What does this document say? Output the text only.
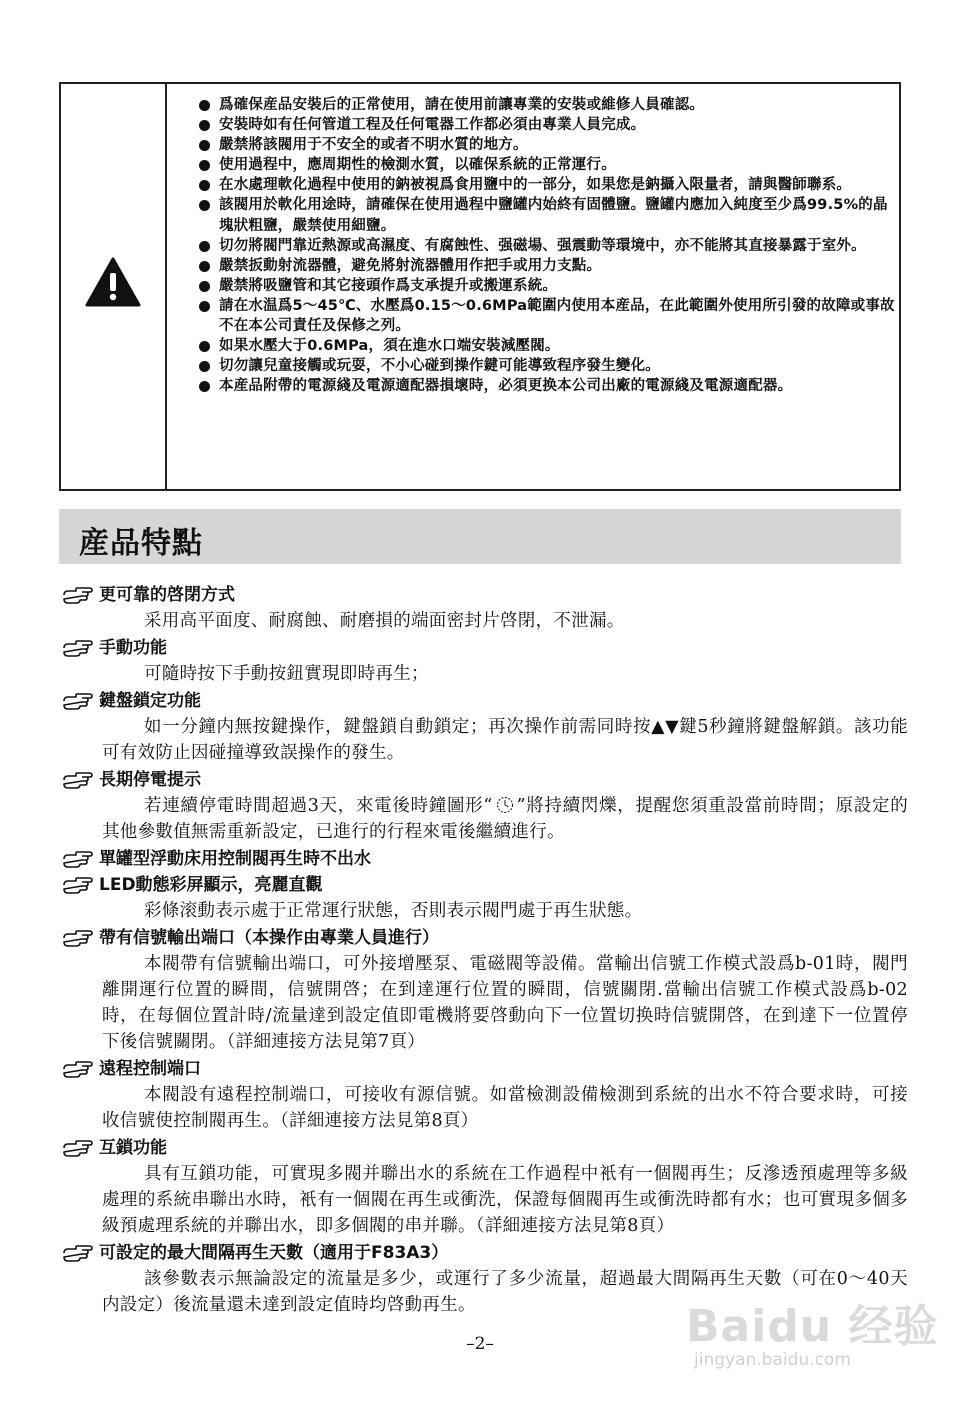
爲確保産品安裝后的正常使用，請在使用前讓專業的安裝或維修人員確認。
安裝時如有任何管道工程及任何電器工作都必須由專業人員完成。
嚴禁將該閥用于不安全的或者不明水質的地方。
使用過程中，應周期性的檢測水質，以確保系統的正常運行。
在水處理軟化過程中使用的鈉被視爲食用鹽中的一部分，如果您是鈉攝入限量者，請與醫師聯系。
該閥用於軟化用途時，請確保在使用過程中鹽罐内始終有固體鹽。鹽罐内應加入純度至少爲99.5%的晶塊狀粗鹽，嚴禁使用細鹽。
切勿將閥門靠近熱源或高濕度、有腐蝕性、强磁場、强震動等環境中，亦不能將其直接暴露于室外。
嚴禁扳動射流器體，避免將射流器體用作把手或用力支點。
嚴禁將吸鹽管和其它接頭作爲支承提升或搬運系統。
請在水温爲5～45℃、水壓爲0.15～0.6MPa範圍内使用本産品，在此範圍外使用所引發的故障或事故不在本公司責任及保修之列。
如果水壓大于0.6MPa，須在進水口端安裝減壓閥。
切勿讓兒童接觸或玩耍，不小心碰到操作鍵可能導致程序發生變化。
本産品附帶的電源綫及電源適配器損壞時，必須更换本公司出廠的電源綫及電源適配器。
産品特點
更可靠的啓閉方式

采用高平面度、耐腐蝕、耐磨損的端面密封片啓閉，不泄漏。

手動功能

可隨時按下手動按鈕實現即時再生；

鍵盤鎖定功能

如一分鐘内無按鍵操作，鍵盤鎖自動鎖定；再次操作前需同時按▲▼鍵5秒鐘將鍵盤解鎖。該功能可有效防止因碰撞導致誤操作的發生。

長期停電提示

若連續停電時間超過3天，來電後時鐘圖形“ ”將持續閃爍，提醒您須重設當前時間；原設定的其他參數值無需重新設定，已進行的行程來電後繼續進行。

單罐型浮動床用控制閥再生時不出水
LED動態彩屏顯示，亮麗直觀

彩條滚動表示處于正常運行狀態，否則表示閥門處于再生狀態。

帶有信號輸出端口（本操作由專業人員進行）

本閥帶有信號輸出端口，可外接增壓泵、電磁閥等設備。當輸出信號工作模式設爲b-01時，閥門離開運行位置的瞬間，信號開啓；在到達運行位置的瞬間，信號關閉.當輸出信號工作模式設爲b-02時，在每個位置計時/流量達到設定值即電機將要啓動向下一位置切换時信號開啓，在到達下一位置停下後信號關閉。（詳細連接方法見第7頁）

遠程控制端口

本閥設有遠程控制端口，可接收有源信號。如當檢測設備檢測到系統的出水不符合要求時，可接收信號使控制閥再生。（詳細連接方法見第8頁）

互鎖功能

具有互鎖功能，可實現多閥并聯出水的系統在工作過程中衹有一個閥再生；反滲透預處理等多級處理的系統串聯出水時，衹有一個閥在再生或衝洗，保證每個閥再生或衝洗時都有水；也可實現多個多級預處理系統的并聯出水，即多個閥的串并聯。（詳細連接方法見第8頁）

可設定的最大間隔再生天數（適用于F83A3）

該參數表示無論設定的流量是多少，或運行了多少流量，超過最大間隔再生天數（可在0～40天内設定）後流量還未達到設定值時均啓動再生。

–2–	Baidu 经验
jingyan.baidu.com
